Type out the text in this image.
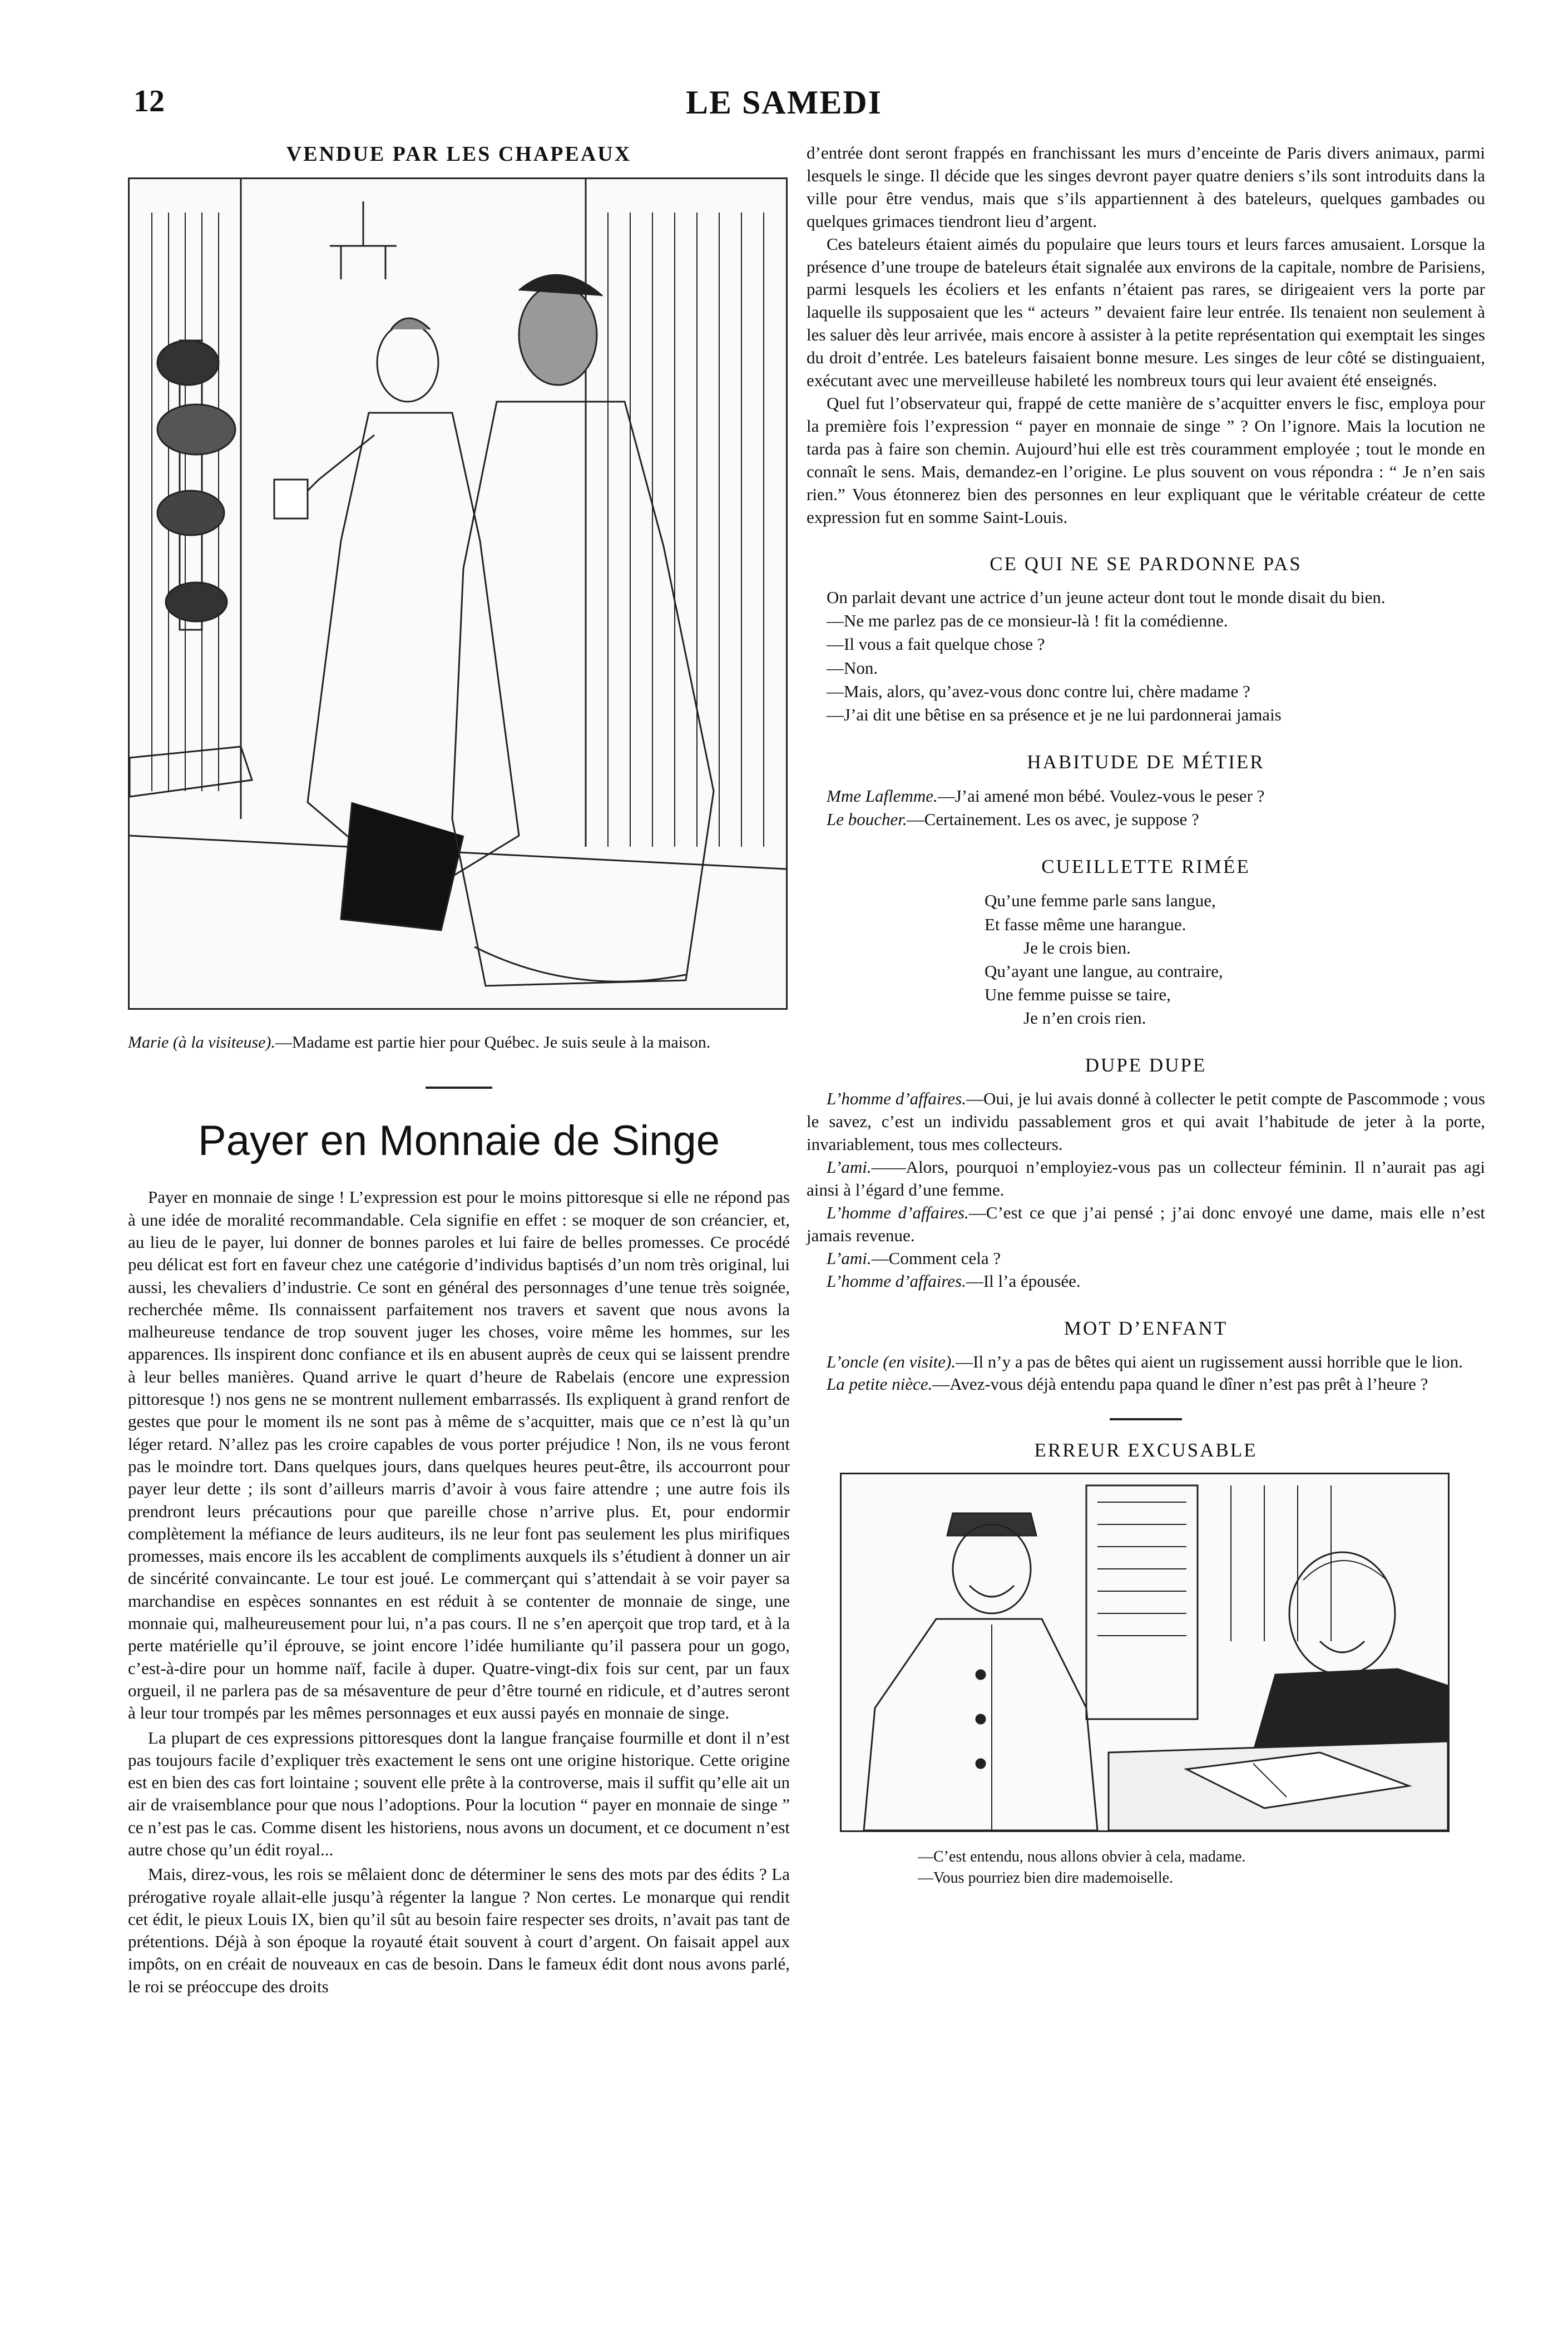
12	LE SAMEDI
VENDUE PAR LES CHAPEAUX
Marie (à la visiteuse).—Madame est partie hier pour Québec. Je suis seule à la maison.
Payer en Monnaie de Singe

Payer en monnaie de singe ! L’expression est pour le moins pittoresque si elle ne répond pas à une idée de moralité recommandable. Cela signifie en effet : se moquer de son créancier, et, au lieu de le payer, lui donner de bonnes paroles et lui faire de belles promesses. Ce procédé peu délicat est fort en faveur chez une catégorie d’individus baptisés d’un nom très original, lui aussi, les chevaliers d’industrie. Ce sont en général des personnages d’une tenue très soignée, recherchée même. Ils connaissent parfaitement nos travers et savent que nous avons la malheureuse tendance de trop souvent juger les choses, voire même les hommes, sur les apparences. Ils inspirent donc confiance et ils en abusent auprès de ceux qui se laissent prendre à leur belles manières. Quand arrive le quart d’heure de Rabelais (encore une expression pittoresque !) nos gens ne se montrent nullement embarrassés. Ils expliquent à grand renfort de gestes que pour le moment ils ne sont pas à même de s’acquitter, mais que ce n’est là qu’un léger retard. N’allez pas les croire capables de vous porter préjudice ! Non, ils ne vous feront pas le moindre tort. Dans quelques jours, dans quelques heures peut-être, ils accourront pour payer leur dette ; ils sont d’ailleurs marris d’avoir à vous faire attendre ; une autre fois ils prendront leurs précautions pour que pareille chose n’arrive plus. Et, pour endormir complètement la méfiance de leurs auditeurs, ils ne leur font pas seulement les plus mirifiques promesses, mais encore ils les accablent de compliments auxquels ils s’étudient à donner un air de sincérité convaincante. Le tour est joué. Le commerçant qui s’attendait à se voir payer sa marchandise en espèces sonnantes en est réduit à se contenter de monnaie de singe, une monnaie qui, malheureusement pour lui, n’a pas cours. Il ne s’en aperçoit que trop tard, et à la perte matérielle qu’il éprouve, se joint encore l’idée humiliante qu’il passera pour un gogo, c’est-à-dire pour un homme naïf, facile à duper. Quatre-vingt-dix fois sur cent, par un faux orgueil, il ne parlera pas de sa mésaventure de peur d’être tourné en ridicule, et d’autres seront à leur tour trompés par les mêmes personnages et eux aussi payés en monnaie de singe.

La plupart de ces expressions pittoresques dont la langue française fourmille et dont il n’est pas toujours facile d’expliquer très exactement le sens ont une origine historique. Cette origine est en bien des cas fort lointaine ; souvent elle prête à la controverse, mais il suffit qu’elle ait un air de vraisemblance pour que nous l’adoptions. Pour la locution “ payer en monnaie de singe ” ce n’est pas le cas. Comme disent les historiens, nous avons un document, et ce document n’est autre chose qu’un édit royal...

Mais, direz-vous, les rois se mêlaient donc de déterminer le sens des mots par des édits ? La prérogative royale allait-elle jusqu’à régenter la langue ? Non certes. Le monarque qui rendit cet édit, le pieux Louis IX, bien qu’il sût au besoin faire respecter ses droits, n’avait pas tant de prétentions. Déjà à son époque la royauté était souvent à court d’argent. On faisait appel aux impôts, on en créait de nouveaux en cas de besoin. Dans le fameux édit dont nous avons parlé, le roi se préoccupe des droits

d’entrée dont seront frappés en franchissant les murs d’enceinte de Paris divers animaux, parmi lesquels le singe. Il décide que les singes devront payer quatre deniers s’ils sont introduits dans la ville pour être vendus, mais que s’ils appartiennent à des bateleurs, quelques gambades ou quelques grimaces tiendront lieu d’argent.

Ces bateleurs étaient aimés du populaire que leurs tours et leurs farces amusaient. Lorsque la présence d’une troupe de bateleurs était signalée aux environs de la capitale, nombre de Parisiens, parmi lesquels les écoliers et les enfants n’étaient pas rares, se dirigeaient vers la porte par laquelle ils supposaient que les “ acteurs ” devaient faire leur entrée. Ils tenaient non seulement à les saluer dès leur arrivée, mais encore à assister à la petite représentation qui exemptait les singes du droit d’entrée. Les bateleurs faisaient bonne mesure. Les singes de leur côté se distinguaient, exécutant avec une merveilleuse habileté les nombreux tours qui leur avaient été enseignés.

Quel fut l’observateur qui, frappé de cette manière de s’acquitter envers le fisc, employa pour la première fois l’expression “ payer en monnaie de singe ” ? On l’ignore. Mais la locution ne tarda pas à faire son chemin. Aujourd’hui elle est très couramment employée ; tout le monde en connaît le sens. Mais, demandez-en l’origine. Le plus souvent on vous répondra : “ Je n’en sais rien.” Vous étonnerez bien des personnes en leur expliquant que le véritable créateur de cette expression fut en somme Saint-Louis.

CE QUI NE SE PARDONNE PAS

On parlait devant une actrice d’un jeune acteur dont tout le monde disait du bien.

—Ne me parlez pas de ce monsieur-là ! fit la comédienne.

—Il vous a fait quelque chose ?

—Non.

—Mais, alors, qu’avez-vous donc contre lui, chère madame ?

—J’ai dit une bêtise en sa présence et je ne lui pardonnerai jamais

HABITUDE DE MÉTIER

Mme Laflemme.—J’ai amené mon bébé. Voulez-vous le peser ?

Le boucher.—Certainement. Les os avec, je suppose ?

CUEILLETTE RIMÉE

Qu’une femme parle sans langue,

Et fasse même une harangue.

Je le crois bien.

Qu’ayant une langue, au contraire,

Une femme puisse se taire,

Je n’en crois rien.

DUPE DUPE

L’homme d’affaires.—Oui, je lui avais donné à collecter le petit compte de Pascommode ; vous le savez, c’est un individu passablement gros et qui avait l’habitude de jeter à la porte, invariablement, tous mes collecteurs.

L’ami.——Alors, pourquoi n’employiez-vous pas un collecteur féminin. Il n’aurait pas agi ainsi à l’égard d’une femme.

L’homme d’affaires.—C’est ce que j’ai pensé ; j’ai donc envoyé une dame, mais elle n’est jamais revenue.

L’ami.—Comment cela ?

L’homme d’affaires.—Il l’a épousée.

MOT D’ENFANT

L’oncle (en visite).—Il n’y a pas de bêtes qui aient un rugissement aussi horrible que le lion.

La petite nièce.—Avez-vous déjà entendu papa quand le dîner n’est pas prêt à l’heure ?

ERREUR EXCUSABLE
—C’est entendu, nous allons obvier à cela, madame.
—Vous pourriez bien dire mademoiselle.
